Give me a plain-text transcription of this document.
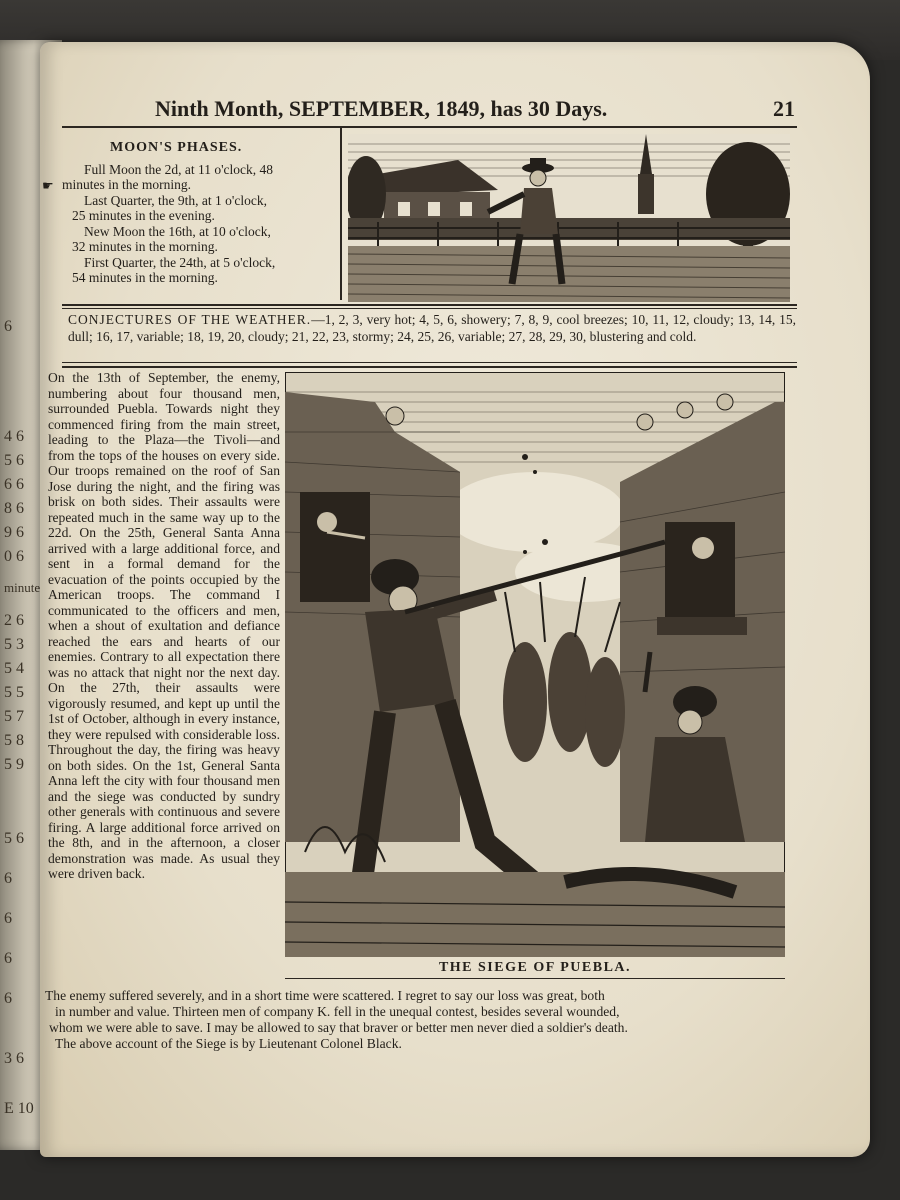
6
4 6
5 6
6 6
8 6
9 6
0 6
minute
2 6
5 3
5 4
5 5
5 7
5 8
5 9
5 6
6
6
6
6
3 6
E 10
Ninth Month, SEPTEMBER, 1849, has 30 Days.	21
MOON'S PHASES.
☛

Full Moon the 2d, at 11 o'clock, 48

minutes in the morning.

Last Quarter, the 9th, at 1 o'clock,

25 minutes in the evening.

New Moon the 16th, at 10 o'clock,

32 minutes in the morning.

First Quarter, the 24th, at 5 o'clock,

54 minutes in the morning.

CONJECTURES OF THE WEATHER.—1, 2, 3, very hot; 4, 5, 6, showery; 7, 8, 9, cool breezes; 10, 11, 12, cloudy; 13, 14, 15, dull; 16, 17, variable; 18, 19, 20, cloudy; 21, 22, 23, stormy; 24, 25, 26, variable; 27, 28, 29, 30, blustering and cold.
On the 13th of September, the enemy, numbering about four thousand men, surrounded Puebla. Towards night they commenced firing from the main street, leading to the Plaza—the Tivoli—and from the tops of the houses on every side. Our troops remained on the roof of San Jose during the night, and the firing was brisk on both sides. Their assaults were repeated much in the same way up to the 22d. On the 25th, General Santa Anna arrived with a large additional force, and sent in a formal demand for the evacuation of the points occupied by the American troops. The command I communicated to the officers and men, when a shout of exultation and defiance reached the ears and hearts of our enemies. Contrary to all expectation there was no attack that night nor the next day. On the 27th, their assaults were vigorously resumed, and kept up until the 1st of October, although in every instance, they were repulsed with considerable loss. Throughout the day, the firing was heavy on both sides. On the 1st, General Santa Anna left the city with four thousand men and the siege was conducted by sundry other generals with continuous and severe firing. A large additional force arrived on the 8th, and in the afternoon, a closer demonstration was made. As usual they were driven back.
THE SIEGE OF PUEBLA.

The enemy suffered severely, and in a short time were scattered. I regret to say our loss was great, both

in number and value. Thirteen men of company K. fell in the unequal contest, besides several wounded,

whom we were able to save. I may be allowed to say that braver or better men never died a soldier's death.

The above account of the Siege is by Lieutenant Colonel Black.
